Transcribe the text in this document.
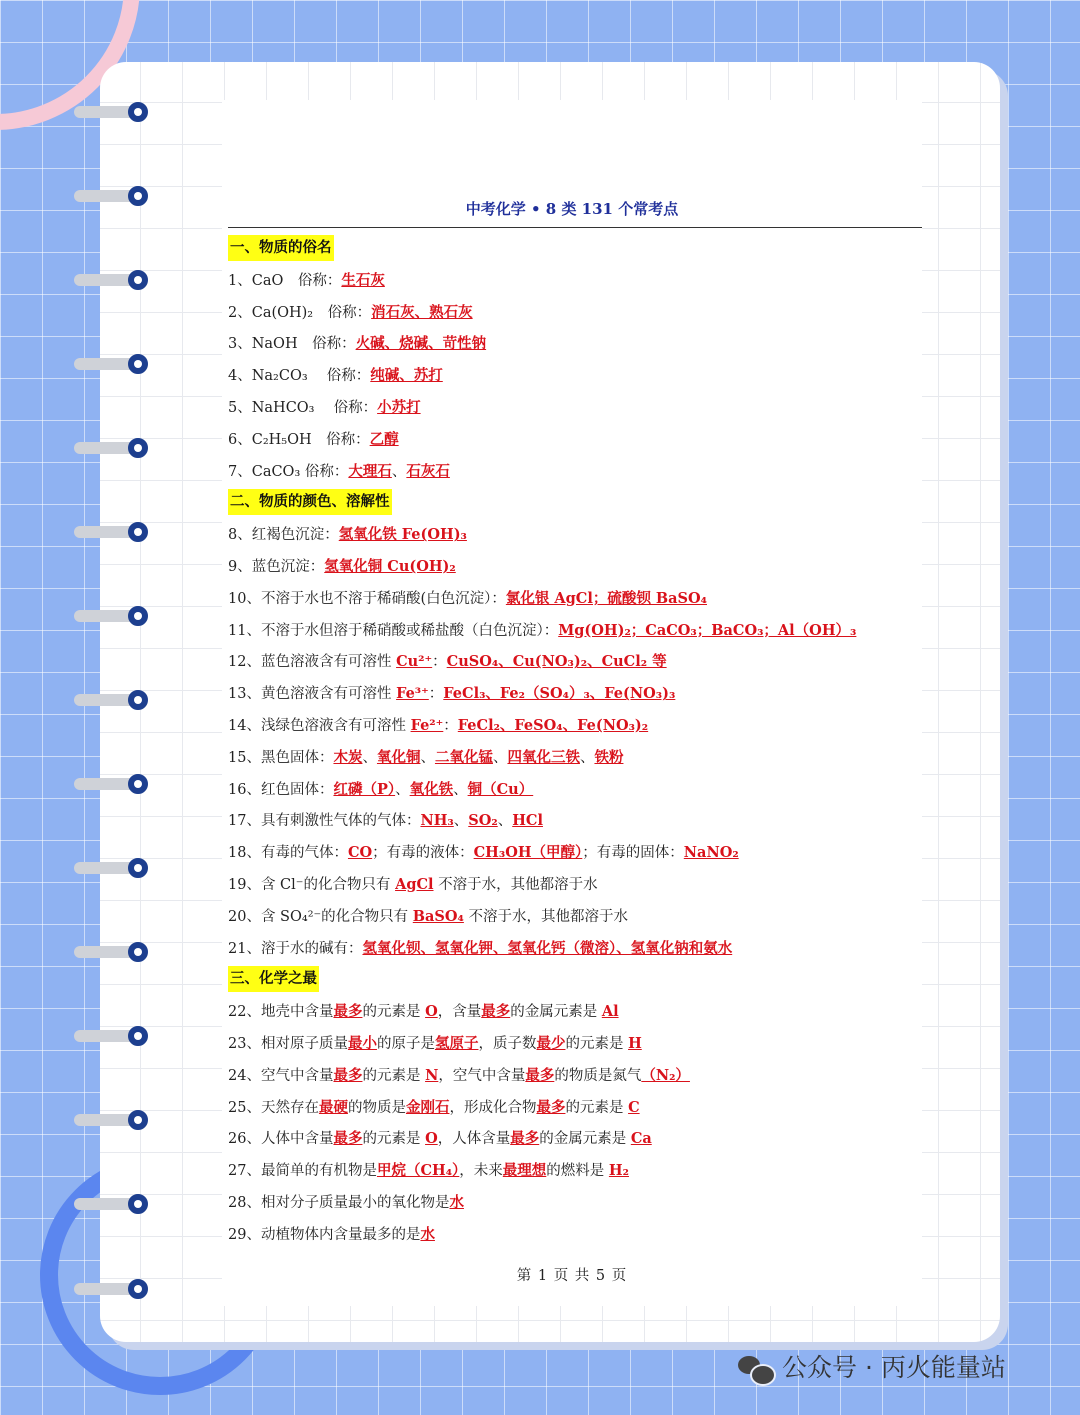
中考化学 • 8 类 131 个常考点
一、物质的俗名
1、CaO　俗称：生石灰
2、Ca(OH)₂　俗称：消石灰、熟石灰
3、NaOH　俗称：火碱、烧碱、苛性钠
4、Na₂CO₃　 俗称：纯碱、苏打
5、NaHCO₃　 俗称：小苏打
6、C₂H₅OH　俗称：乙醇
7、CaCO₃ 俗称：大理石、石灰石
二、物质的颜色、溶解性
8、红褐色沉淀：氢氧化铁 Fe(OH)₃
9、蓝色沉淀：氢氧化铜 Cu(OH)₂
10、不溶于水也不溶于稀硝酸(白色沉淀）：氯化银 AgCl；硫酸钡 BaSO₄
11、不溶于水但溶于稀硝酸或稀盐酸（白色沉淀）：Mg(OH)₂；CaCO₃；BaCO₃；Al（OH）₃
12、蓝色溶液含有可溶性 Cu²⁺：CuSO₄、Cu(NO₃)₂、CuCl₂ 等
13、黄色溶液含有可溶性 Fe³⁺：FeCl₃、Fe₂（SO₄）₃、Fe(NO₃)₃
14、浅绿色溶液含有可溶性 Fe²⁺：FeCl₂、FeSO₄、Fe(NO₃)₂
15、黑色固体：木炭、氧化铜、二氧化锰、四氧化三铁、铁粉
16、红色固体：红磷（P）、氧化铁、铜（Cu）
17、具有刺激性气体的气体：NH₃、SO₂、HCl
18、有毒的气体：CO；有毒的液体：CH₃OH（甲醇）；有毒的固体：NaNO₂
19、含 Cl⁻的化合物只有 AgCl 不溶于水，其他都溶于水
20、含 SO₄²⁻的化合物只有 BaSO₄ 不溶于水，其他都溶于水
21、溶于水的碱有：氢氧化钡、氢氧化钾、氢氧化钙（微溶）、氢氧化钠和氨水
三、化学之最
22、地壳中含量最多的元素是 O，含量最多的金属元素是 Al
23、相对原子质量最小的原子是氢原子，质子数最少的元素是 H
24、空气中含量最多的元素是 N，空气中含量最多的物质是氮气（N₂）
25、天然存在最硬的物质是金刚石，形成化合物最多的元素是 C
26、人体中含量最多的元素是 O，人体含量最多的金属元素是 Ca
27、最简单的有机物是甲烷（CH₄），未来最理想的燃料是 H₂
28、相对分子质量最小的氧化物是水
29、动植物体内含量最多的是水
第 1 页 共 5 页
公众号 · 丙火能量站
